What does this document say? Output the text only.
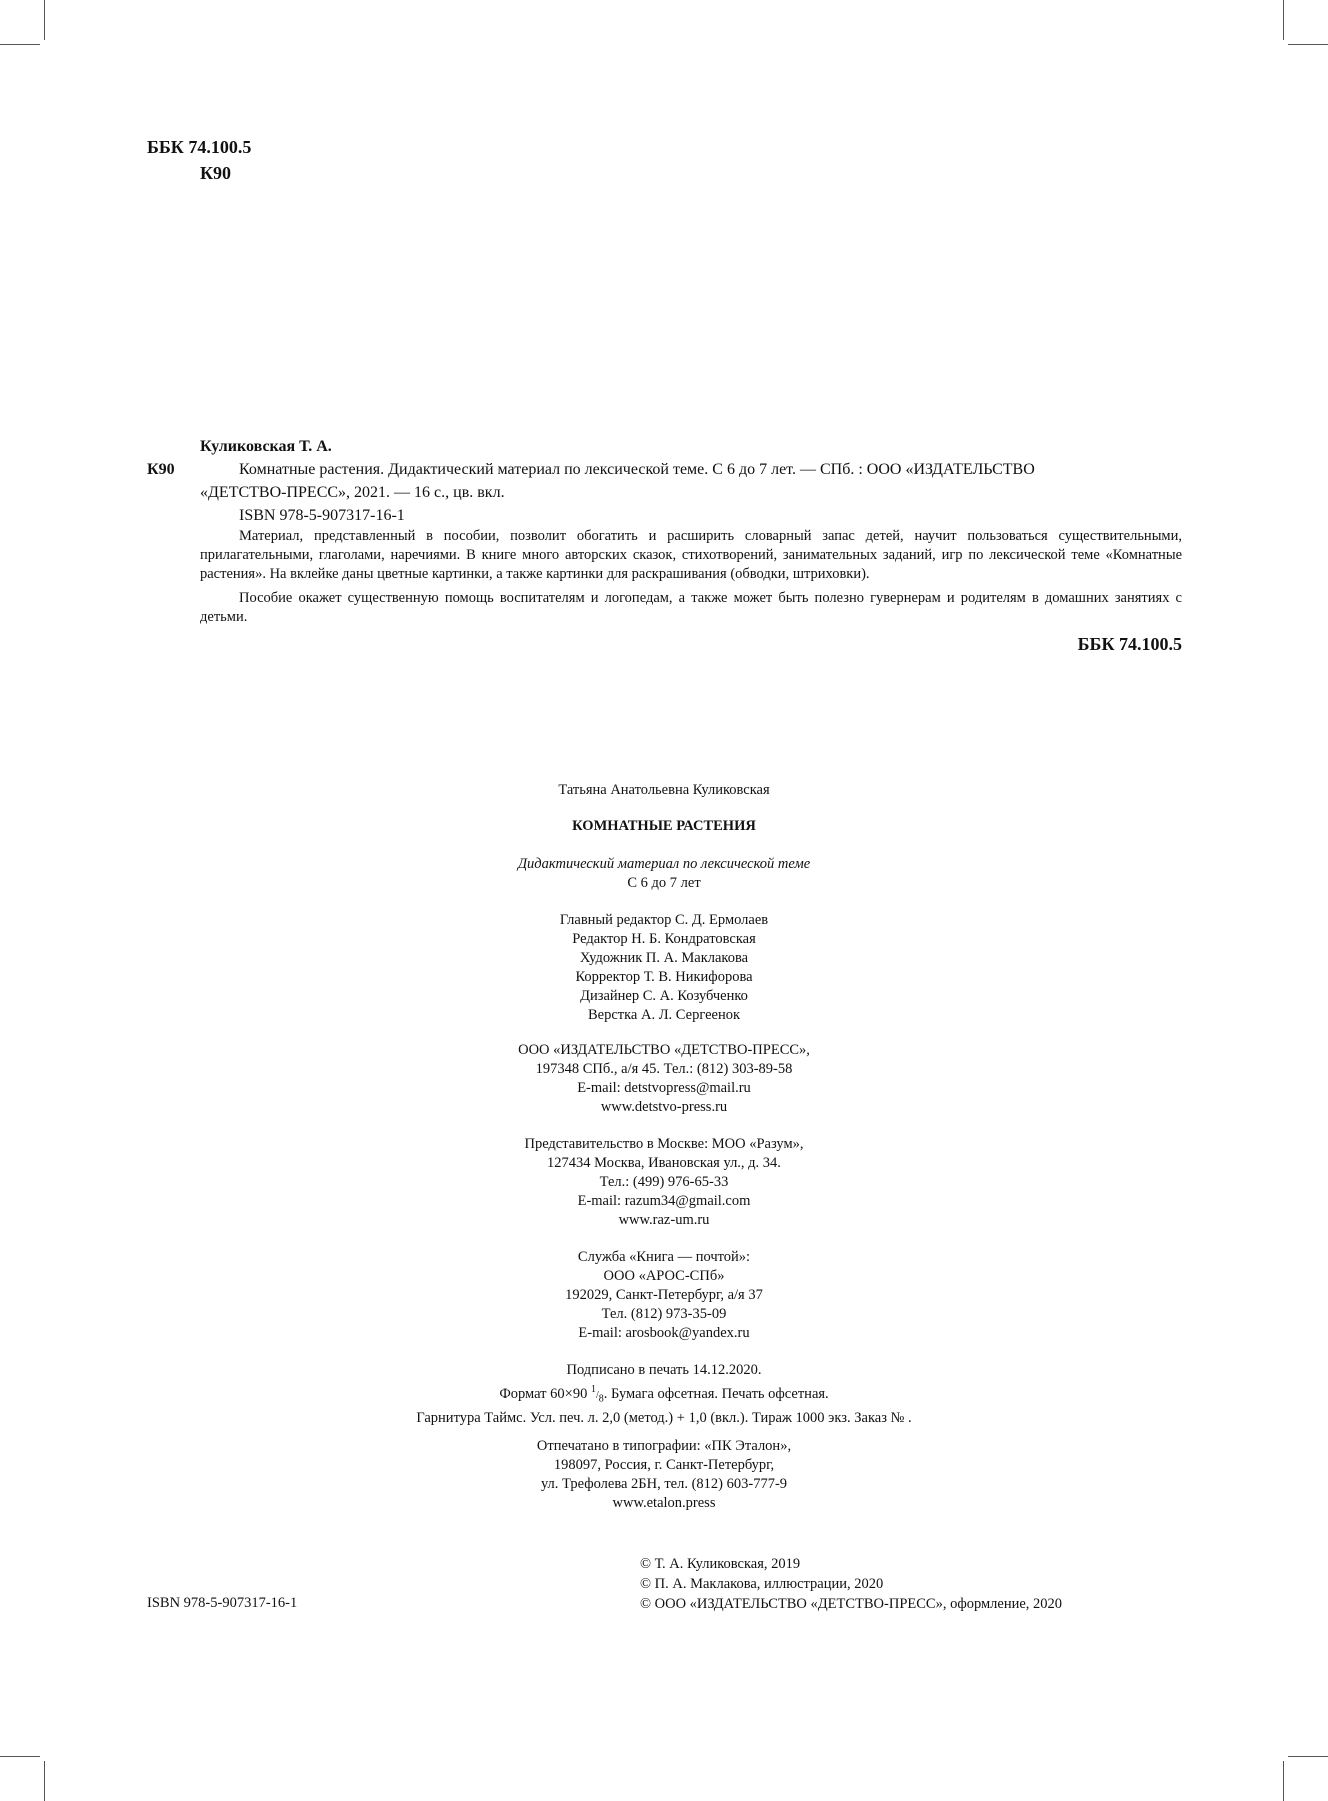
ББК 74.100.5
К90
Куликовская Т. А.
К90	Комнатные растения. Дидактический материал по лексической теме. С 6 до 7 лет. — СПб. : ООО «ИЗДАТЕЛЬСТВО
«ДЕТСТВО-ПРЕСС», 2021. — 16 с., цв. вкл.
ISBN 978-5-907317-16-1

Материал, представленный в пособии, позволит обогатить и расширить словарный запас детей, научит пользоваться существительными, прилагательными, глаголами, наречиями. В книге много авторских сказок, стихотворений, занимательных заданий, игр по лексической теме «Комнатные растения». На вклейке даны цветные картинки, а также картинки для раскрашивания (обводки, штриховки).

Пособие окажет существенную помощь воспитателям и логопедам, а также может быть полезно гувернерам и родителям в домашних занятиях с детьми.

ББК 74.100.5
Татьяна Анатольевна Куликовская
КОМНАТНЫЕ РАСТЕНИЯ
Дидактический материал по лексической теме
С 6 до 7 лет
Главный редактор С. Д. Ермолаев
Редактор Н. Б. Кондратовская
Художник П. А. Маклакова
Корректор Т. В. Никифорова
Дизайнер С. А. Козубченко
Верстка А. Л. Сергеенок
ООО «ИЗДАТЕЛЬСТВО «ДЕТСТВО-ПРЕСС»,
197348 СПб., а/я 45. Тел.: (812) 303-89-58
E-mail: detstvopress@mail.ru
www.detstvo-press.ru
Представительство в Москве: МОО «Разум»,
127434 Москва, Ивановская ул., д. 34.
Тел.: (499) 976-65-33
E-mail: razum34@gmail.com
www.raz-um.ru
Служба «Книга — почтой»:
ООО «АРОС-СПб»
192029, Санкт-Петербург, а/я 37
Тел. (812) 973-35-09
E-mail: arosbook@yandex.ru
Подписано в печать 14.12.2020.
Формат 60×90 $^1/_8$. Бумага офсетная. Печать офсетная.
Гарнитура Таймс. Усл. печ. л. 2,0 (метод.) + 1,0 (вкл.). Тираж 1000 экз. Заказ № .
Отпечатано в типографии: «ПК Эталон»,
198097, Россия, г. Санкт-Петербург,
ул. Трефолева 2БН, тел. (812) 603-777-9
www.etalon.press
ISBN 978-5-907317-16-1
© Т. А. Куликовская, 2019
© П. А. Маклакова, иллюстрации, 2020
© ООО «ИЗДАТЕЛЬСТВО «ДЕТСТВО-ПРЕСС», оформление, 2020
